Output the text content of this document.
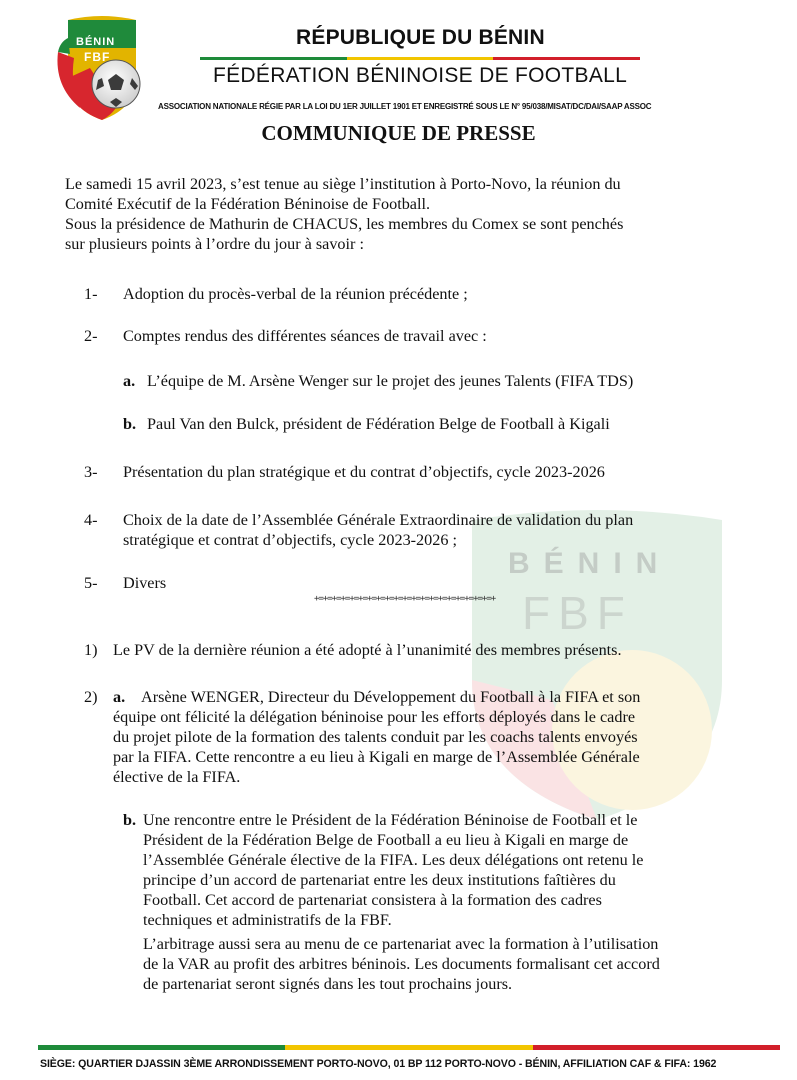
BÉNIN
FBF
RÉPUBLIQUE DU BÉNIN
FÉDÉRATION BÉNINOISE DE FOOTBALL
ASSOCIATION NATIONALE RÉGIE PAR LA LOI DU 1ER JUILLET 1901 ET ENREGISTRÉ SOUS LE N° 95/038/MISAT/DC/DAI/SAAP ASSOC
COMMUNIQUE DE PRESSE
BÉNIN
FBF
Le samedi 15 avril 2023, s’est tenue au siège l’institution à Porto-Novo, la réunion du
Comité Exécutif de la Fédération Béninoise de Football.
Sous la présidence de Mathurin de CHACUS, les membres du Comex se sont penchés
sur plusieurs points à l’ordre du jour à savoir :
1- Adoption du procès-verbal de la réunion précédente ;
2- Comptes rendus des différentes séances de travail avec :
a. L’équipe de M. Arsène Wenger sur le projet des jeunes Talents (FIFA TDS)
b. Paul Van den Bulck, président de Fédération Belge de Football à Kigali
3- Présentation du plan stratégique et du contrat d’objectifs, cycle 2023-2026
4- Choix de la date de l’Assemblée Générale Extraordinaire de validation du plan
stratégique et contrat d’objectifs, cycle 2023-2026 ;
5- Divers
+=+=+=+=+=+=+=+=+=+=+=+=+=+=+=+=+=+=+=+=+
1) Le PV de la dernière réunion a été adopté à l’unanimité des membres présents.
2) a. Arsène WENGER, Directeur du Développement du Football à la FIFA et son
équipe ont félicité la délégation béninoise pour les efforts déployés dans le cadre
du projet pilote de la formation des talents conduit par les coachs talents envoyés
par la FIFA. Cette rencontre a eu lieu à Kigali en marge de l’Assemblée Générale
élective de la FIFA.
b. Une rencontre entre le Président de la Fédération Béninoise de Football et le
Président de la Fédération Belge de Football a eu lieu à Kigali en marge de
l’Assemblée Générale élective de la FIFA. Les deux délégations ont retenu le
principe d’un accord de partenariat entre les deux institutions faîtières du
Football. Cet accord de partenariat consistera à la formation des cadres
techniques et administratifs de la FBF.
L’arbitrage aussi sera au menu de ce partenariat avec la formation à l’utilisation
de la VAR au profit des arbitres béninois. Les documents formalisant cet accord
de partenariat seront signés dans les tout prochains jours.
SIÈGE: QUARTIER DJASSIN 3ÈME ARRONDISSEMENT PORTO-NOVO, 01 BP 112 PORTO-NOVO - BÉNIN, AFFILIATION CAF & FIFA: 1962
